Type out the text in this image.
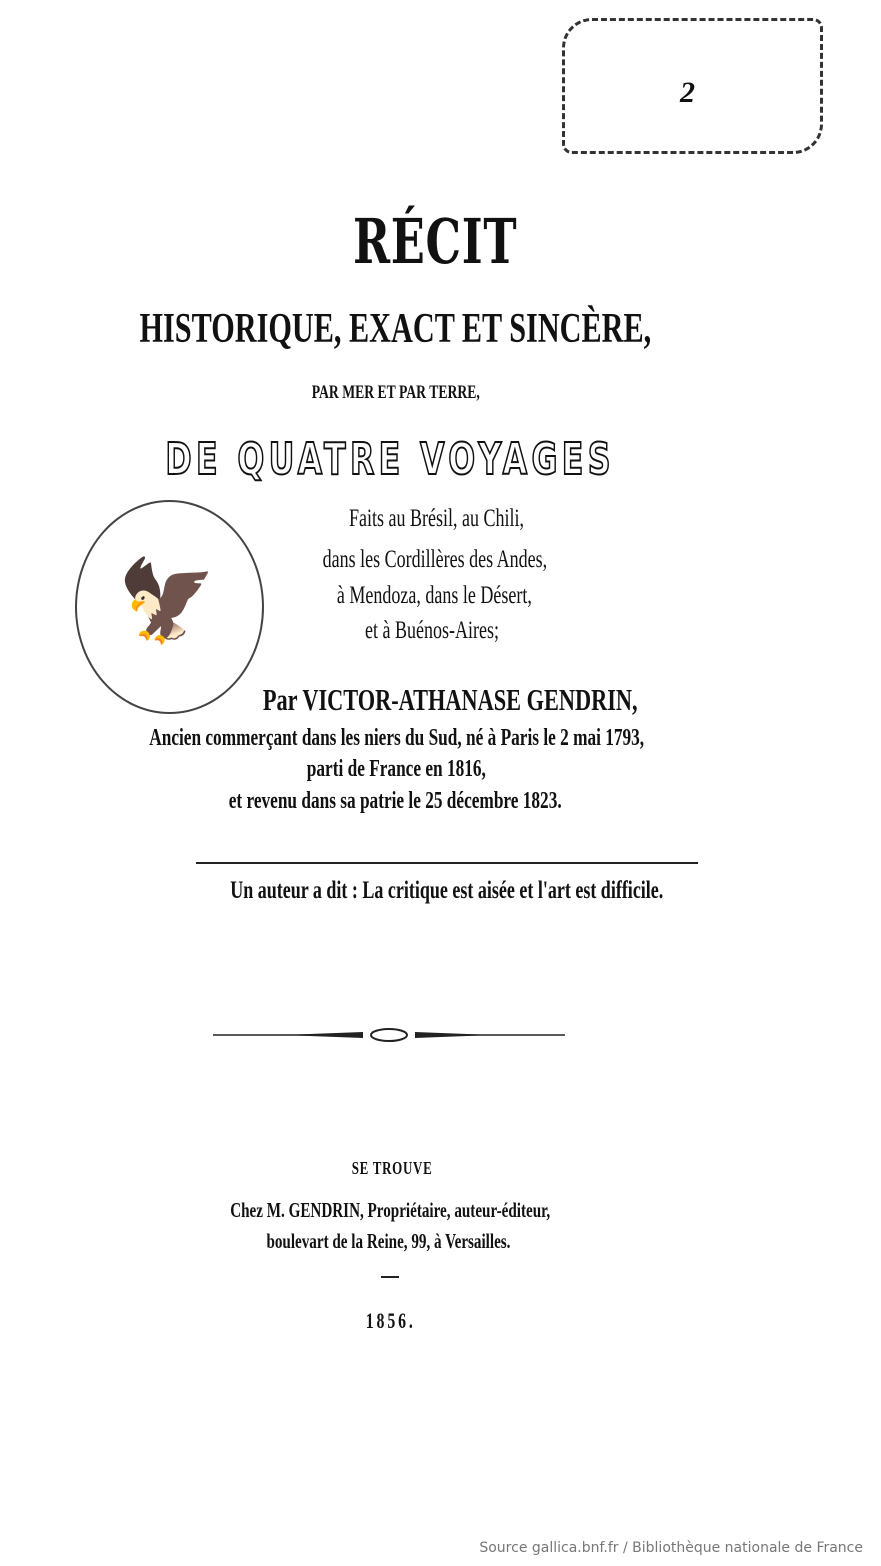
2
RÉCIT
HISTORIQUE, EXACT ET SINCÈRE,
PAR MER ET PAR TERRE,
DE QUATRE VOYAGES
🦅
Faits au Brésil, au Chili,
dans les Cordillères des Andes,
à Mendoza, dans le Désert,
et à Buénos-Aires;
Par VICTOR-ATHANASE GENDRIN,
Ancien commerçant dans les niers du Sud, né à Paris le 2 mai 1793,
parti de France en 1816,
et revenu dans sa patrie le 25 décembre 1823.
Un auteur a dit : La critique est aisée et l'art est difficile.
SE TROUVE
Chez M. GENDRIN, Propriétaire, auteur-éditeur,
boulevart de la Reine, 99, à Versailles.
1856.
Source gallica.bnf.fr / Bibliothèque nationale de France
